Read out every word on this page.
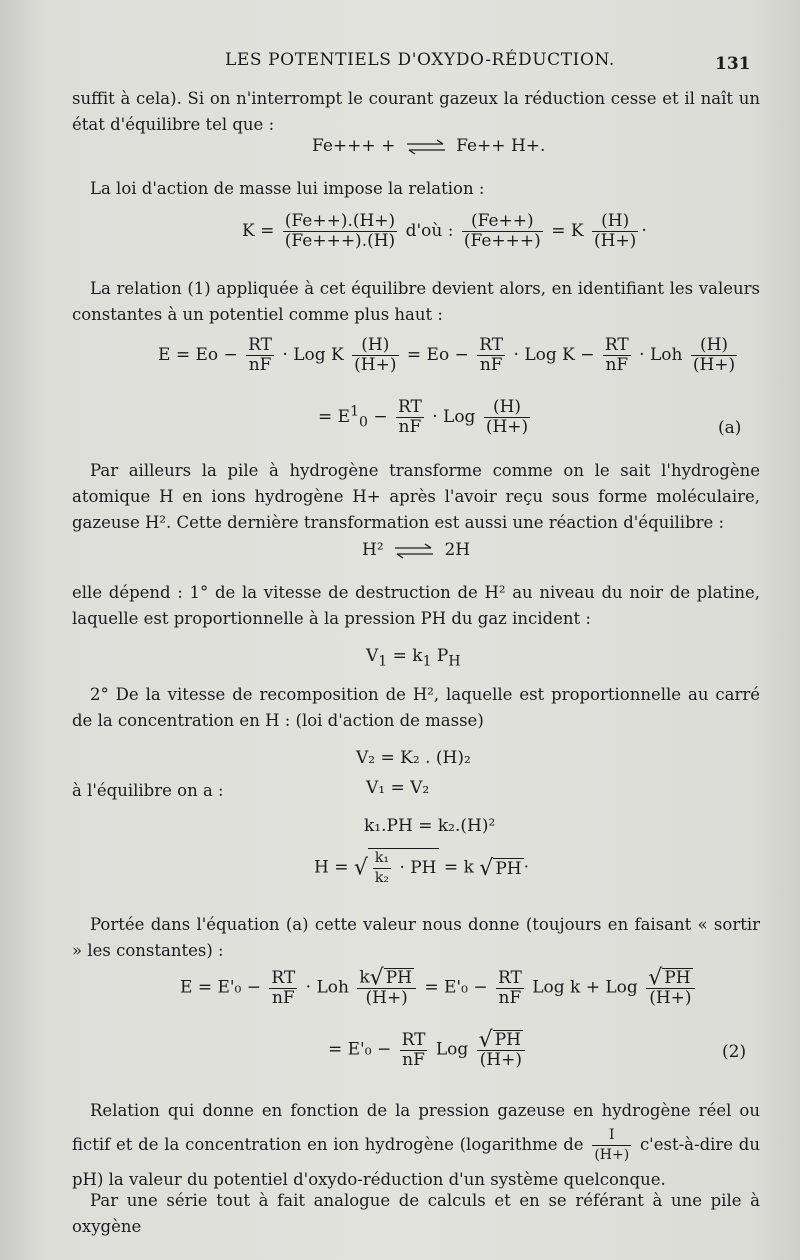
LES POTENTIELS D'OXYDO-RÉDUCTION.	131
suffit à cela). Si on n'interrompt le courant gazeux la réduction cesse et il naît un état d'équilibre tel que :
Fe+++ + ⇌ Fe++ H+.
La loi d'action de masse lui impose la relation :
$K = \frac{(Fe++).(H+)}{(Fe+++).(H)}$ d'où : $\frac{(Fe++)}{(Fe+++)} = K \frac{(H)}{(H+)}$ ·
La relation (1) appliquée à cet équilibre devient alors, en identifiant les valeurs constantes à un potentiel comme plus haut :
$E = Eo - \frac{RT}{nF}$ · Log K $\frac{(H)}{(H+)} = Eo - \frac{RT}{nF}$ · Log $K - \frac{RT}{nF}$ · Loh $\frac{(H)}{(H+)}$
= $E^1_0 - \frac{RT}{nF}$ · Log $\frac{(H)}{(H+)}$	(a)
Par ailleurs la pile à hydrogène transforme comme on le sait l'hydrogène atomique H en ions hydrogène H+ après l'avoir reçu sous forme moléculaire, gazeuse H². Cette dernière transformation est aussi une réaction d'équilibre :
H² ⇌ 2H
elle dépend : 1° de la vitesse de destruction de H² au niveau du noir de platine, laquelle est proportionnelle à la pression PH du gaz incident :
$V_1 = k_1$ $P_H$
2° De la vitesse de recomposition de H², laquelle est proportionnelle au carré de la concentration en H : (loi d'action de masse)
V₂ = K₂ . (H)₂
à l'équilibre on a :	V₁ = V₂
k₁.PH = k₂.(H)²
H = √ $\frac{\text{k₁}}{\text{k₂}}$ · PH = k √ PH ·
Portée dans l'équation (a) cette valeur nous donne (toujours en faisant « sortir » les constantes) :
$E = E'_0 - \frac{RT}{nF}$ · Loh $\frac{k√ PH}{(H+)} = E'_0 - \frac{RT}{nF}$ Log k + Log $\frac{√ PH}{(H+)}$
= $E'_0 - \frac{RT}{nF}$ Log $\frac{√ PH}{(H+)}$	(2)
Relation qui donne en fonction de la pression gazeuse en hydrogène réel ou fictif et de la concentration en ion hydrogène (logarithme de $\frac{I}{(H+)}$ c'est-à-dire du pH) la valeur du potentiel d'oxydo-réduction d'un système quelconque.
Par une série tout à fait analogue de calculs et en se référant à une pile à oxygène
